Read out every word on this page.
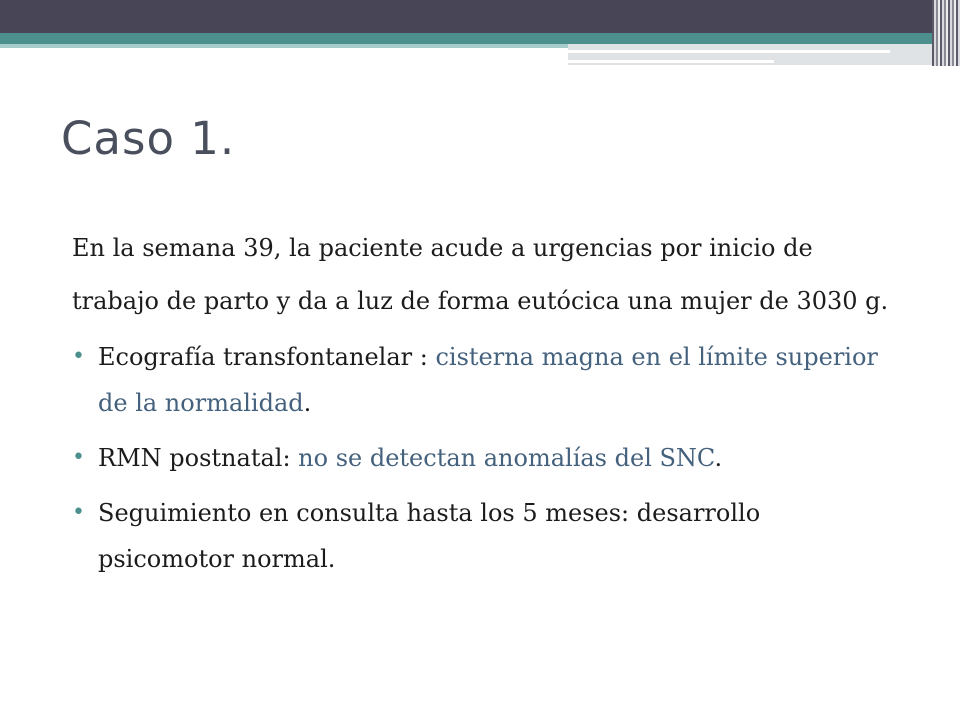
Caso 1.

En la semana 39, la paciente acude a urgencias por inicio de trabajo de parto y da a luz de forma eutócica una mujer de 3030 g.

• Ecografía transfontanelar : cisterna magna en el límite superior de la normalidad.
• RMN postnatal: no se detectan anomalías del SNC.
• Seguimiento en consulta hasta los 5 meses: desarrollo psicomotor normal.
